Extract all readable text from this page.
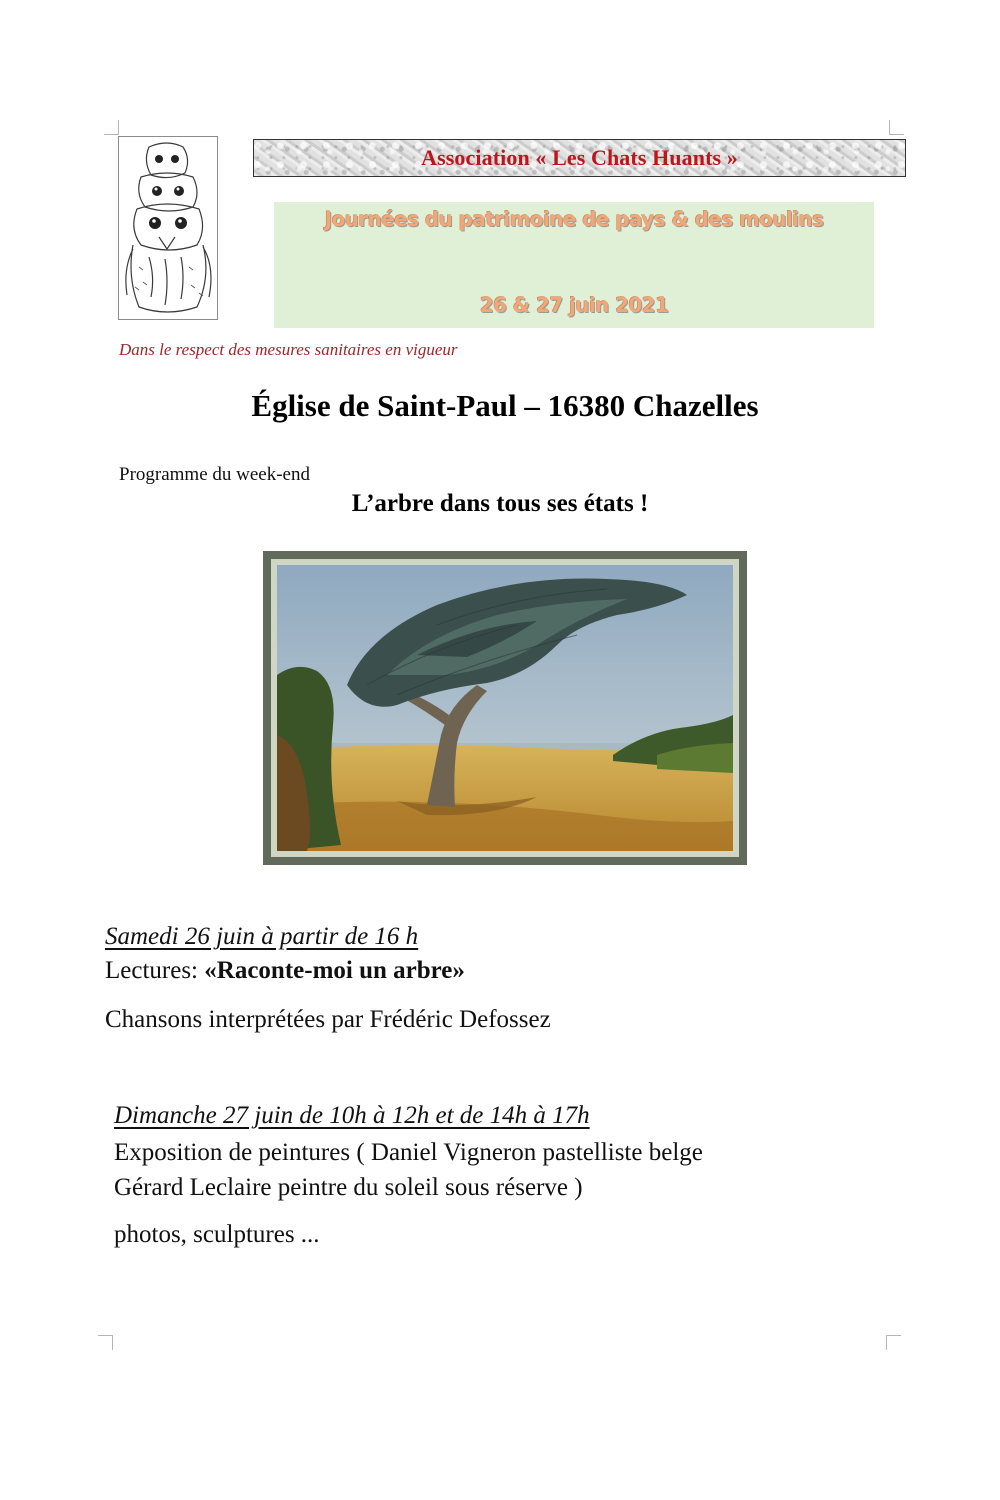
Association « Les Chats Huants »
Journées du patrimoine de pays & des moulins
26 & 27 juin 2021
Dans le respect des mesures sanitaires en vigueur
Église de Saint-Paul – 16380 Chazelles
Programme du week-end
L’arbre dans tous ses états !
Samedi 26 juin à partir de 16 h
Lectures: «Raconte-moi un arbre»
Chansons interprétées par Frédéric Defossez
Dimanche 27 juin de 10h à 12h et de 14h à 17h
Exposition de peintures ( Daniel Vigneron pastelliste belge
Gérard Leclaire peintre du soleil sous réserve )
photos, sculptures ...
